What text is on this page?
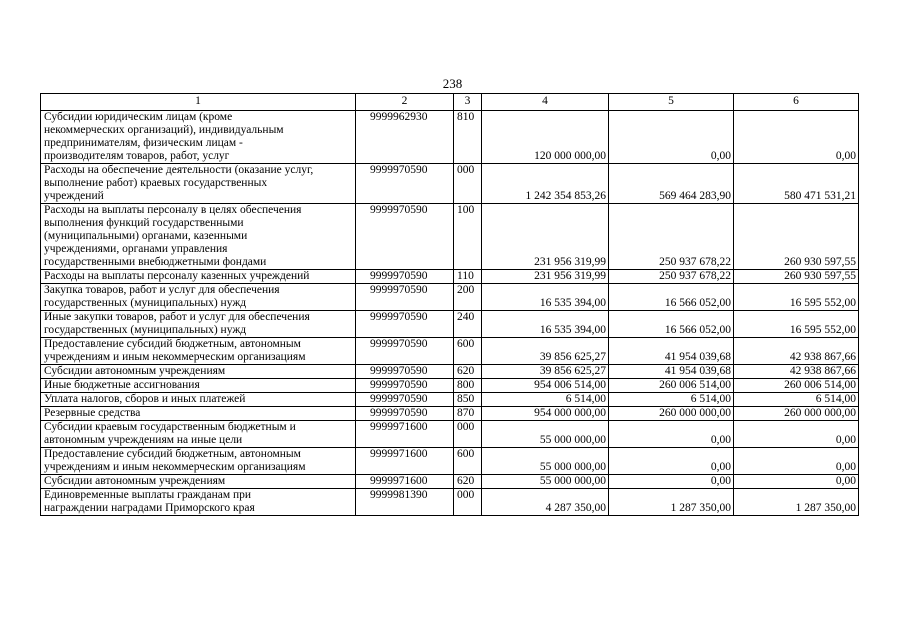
238
1	2	3	4	5	6

Субсидии юридическим лицам (кроме
некоммерческих организаций), индивидуальным
предпринимателям, физическим лицам -
производителям товаров, работ, услуг	9999962930	810	120 000 000,00	0,00	0,00

Расходы на обеспечение деятельности (оказание услуг,
выполнение работ) краевых государственных
учреждений	9999970590	000	1 242 354 853,26	569 464 283,90	580 471 531,21

Расходы на выплаты персоналу в целях обеспечения
выполнения функций государственными
(муниципальными) органами, казенными
учреждениями, органами управления
государственными внебюджетными фондами	9999970590	100	231 956 319,99	250 937 678,22	260 930 597,55

Расходы на выплаты персоналу казенных учреждений	9999970590	110	231 956 319,99	250 937 678,22	260 930 597,55

Закупка товаров, работ и услуг для обеспечения
государственных (муниципальных) нужд	9999970590	200	16 535 394,00	16 566 052,00	16 595 552,00

Иные закупки товаров, работ и услуг для обеспечения
государственных (муниципальных) нужд	9999970590	240	16 535 394,00	16 566 052,00	16 595 552,00

Предоставление субсидий бюджетным, автономным
учреждениям и иным некоммерческим организациям	9999970590	600	39 856 625,27	41 954 039,68	42 938 867,66

Субсидии автономным учреждениям	9999970590	620	39 856 625,27	41 954 039,68	42 938 867,66

Иные бюджетные ассигнования	9999970590	800	954 006 514,00	260 006 514,00	260 006 514,00

Уплата налогов, сборов и иных платежей	9999970590	850	6 514,00	6 514,00	6 514,00

Резервные средства	9999970590	870	954 000 000,00	260 000 000,00	260 000 000,00

Субсидии краевым государственным бюджетным и
автономным учреждениям на иные цели	9999971600	000	55 000 000,00	0,00	0,00

Предоставление субсидий бюджетным, автономным
учреждениям и иным некоммерческим организациям	9999971600	600	55 000 000,00	0,00	0,00

Субсидии автономным учреждениям	9999971600	620	55 000 000,00	0,00	0,00

Единовременные выплаты гражданам при
награждении наградами Приморского края	9999981390	000	4 287 350,00	1 287 350,00	1 287 350,00
